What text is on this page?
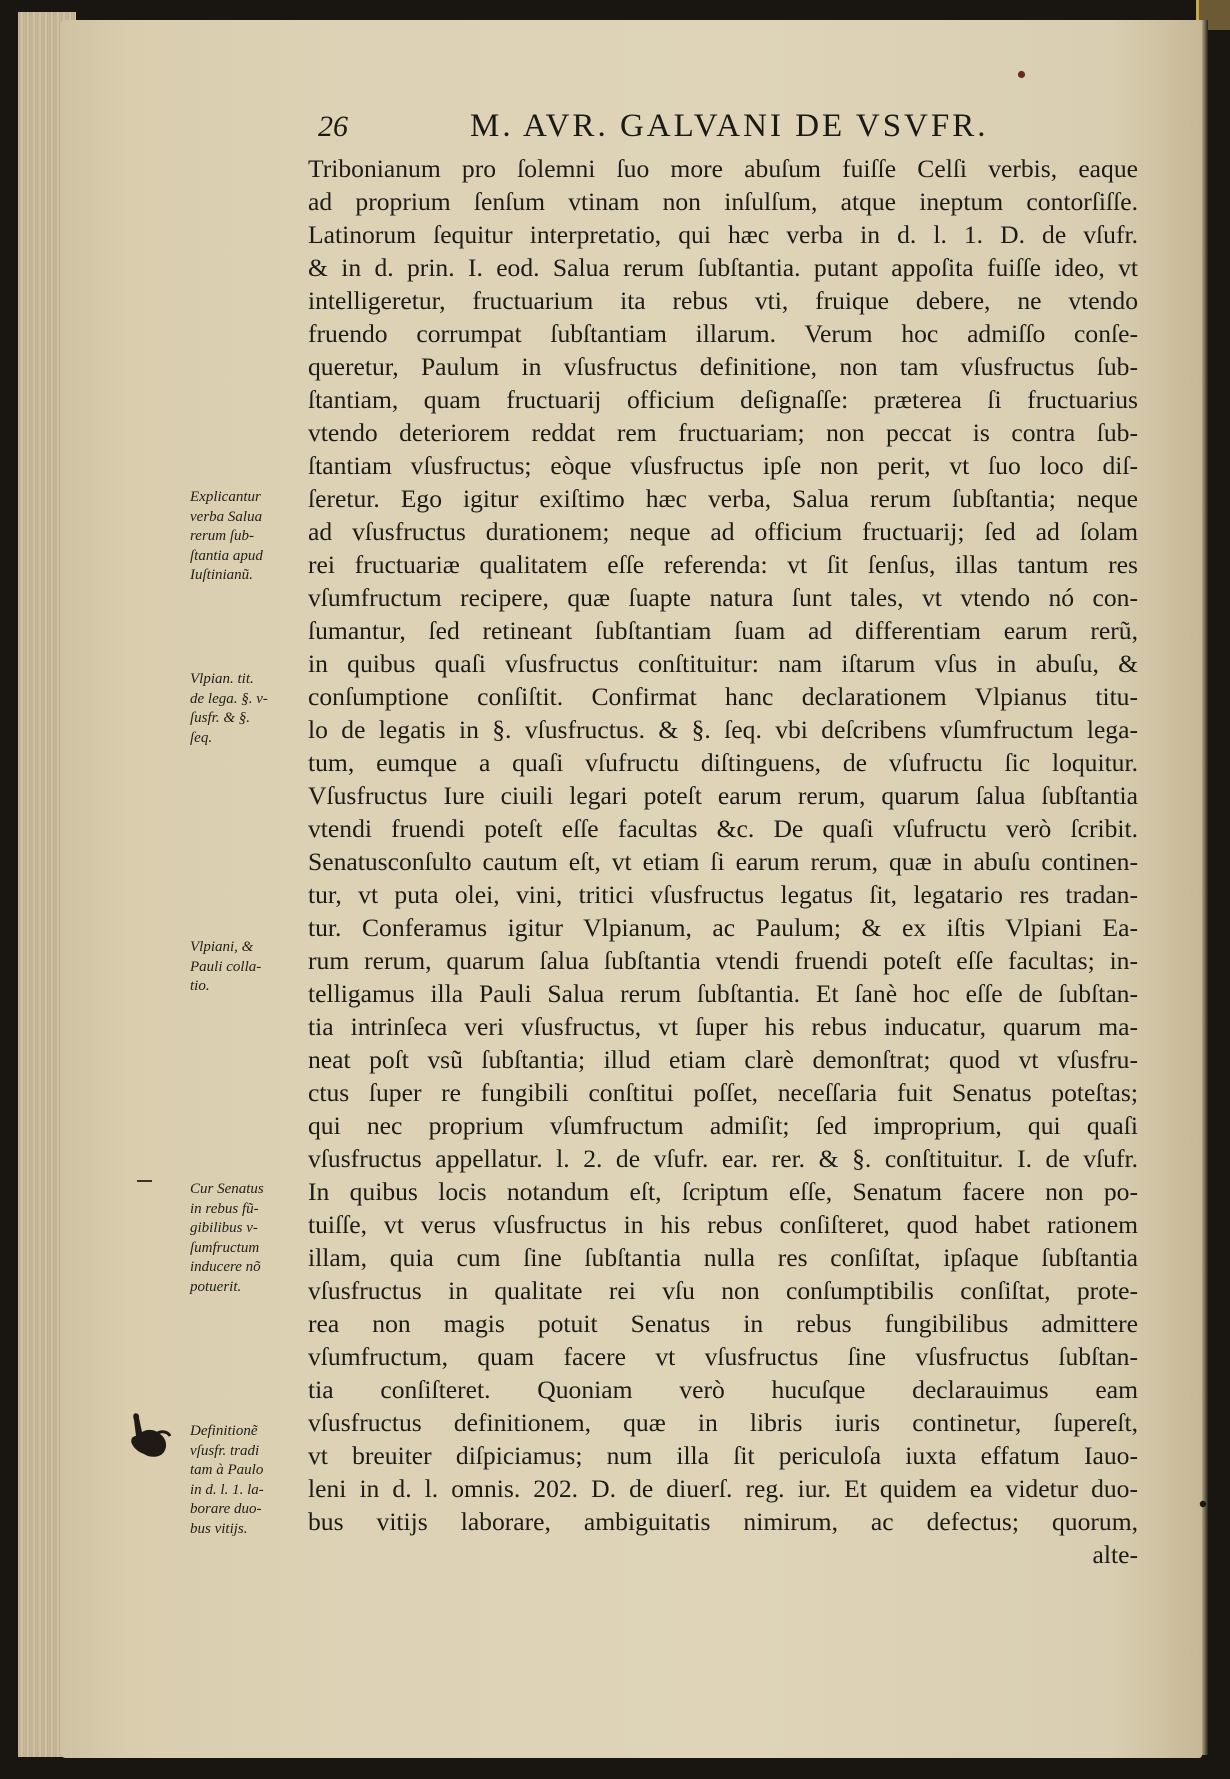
26	M. AVR. GALVANI DE VSVFR.
Tribonianum pro ſolemni ſuo more abuſum fuiſſe Celſi verbis, eaque
ad proprium ſenſum vtinam non inſulſum, atque ineptum contorſiſſe.
Latinorum ſequitur interpretatio, qui hæc verba in d. l. 1. D. de vſufr.
& in d. prin. I. eod. Salua rerum ſubſtantia. putant appoſita fuiſſe ideo, vt
intelligeretur, fructuarium ita rebus vti, fruique debere, ne vtendo
fruendo corrumpat ſubſtantiam illarum. Verum hoc admiſſo conſe-
queretur, Paulum in vſusfructus definitione, non tam vſusfructus ſub-
ſtantiam, quam fructuarij officium deſignaſſe: præterea ſi fructuarius
vtendo deteriorem reddat rem fructuariam; non peccat is contra ſub-
ſtantiam vſusfructus; eòque vſusfructus ipſe non perit, vt ſuo loco diſ-
ſeretur. Ego igitur exiſtimo hæc verba, Salua rerum ſubſtantia; neque
ad vſusfructus durationem; neque ad officium fructuarij; ſed ad ſolam
rei fructuariæ qualitatem eſſe referenda: vt ſit ſenſus, illas tantum res
vſumfructum recipere, quæ ſuapte natura ſunt tales, vt vtendo nó con-
ſumantur, ſed retineant ſubſtantiam ſuam ad differentiam earum rerũ,
in quibus quaſi vſusfructus conſtituitur: nam iſtarum vſus in abuſu, &
conſumptione conſiſtit. Confirmat hanc declarationem Vlpianus titu-
lo de legatis in §. vſusfructus. & §. ſeq. vbi deſcribens vſumfructum lega-
tum, eumque a quaſi vſufructu diſtinguens, de vſufructu ſic loquitur.
Vſusfructus Iure ciuili legari poteſt earum rerum, quarum ſalua ſubſtantia
vtendi fruendi poteſt eſſe facultas &c. De quaſi vſufructu verò ſcribit.
Senatusconſulto cautum eſt, vt etiam ſi earum rerum, quæ in abuſu continen-
tur, vt puta olei, vini, tritici vſusfructus legatus ſit, legatario res tradan-
tur. Conferamus igitur Vlpianum, ac Paulum; & ex iſtis Vlpiani Ea-
rum rerum, quarum ſalua ſubſtantia vtendi fruendi poteſt eſſe facultas; in-
telligamus illa Pauli Salua rerum ſubſtantia. Et ſanè hoc eſſe de ſubſtan-
tia intrinſeca veri vſusfructus, vt ſuper his rebus inducatur, quarum ma-
neat poſt vsũ ſubſtantia; illud etiam clarè demonſtrat; quod vt vſusfru-
ctus ſuper re fungibili conſtitui poſſet, neceſſaria fuit Senatus poteſtas;
qui nec proprium vſumfructum admiſit; ſed improprium, qui quaſi
vſusfructus appellatur. l. 2. de vſufr. ear. rer. & §. conſtituitur. I. de vſufr.
In quibus locis notandum eſt, ſcriptum eſſe, Senatum facere non po-
tuiſſe, vt verus vſusfructus in his rebus conſiſteret, quod habet rationem
illam, quia cum ſine ſubſtantia nulla res conſiſtat, ipſaque ſubſtantia
vſusfructus in qualitate rei vſu non conſumptibilis conſiſtat, prote-
rea non magis potuit Senatus in rebus fungibilibus admittere
vſumfructum, quam facere vt vſusfructus ſine vſusfructus ſubſtan-
tia conſiſteret. Quoniam verò hucuſque declarauimus eam
vſusfructus definitionem, quæ in libris iuris continetur, ſupereſt,
vt breuiter diſpiciamus; num illa ſit periculoſa iuxta effatum Iauo-
leni in d. l. omnis. 202. D. de diuerſ. reg. iur. Et quidem ea videtur duo-
bus vitijs laborare, ambiguitatis nimirum, ac defectus; quorum,
alte-
Explicantur
verba Salua
rerum ſub-
ſtantia apud
Iuſtinianũ.
Vlpian. tit.
de lega. §. v-
ſusfr. & §.
ſeq.
Vlpiani, &
Pauli colla-
tio.
Cur Senatus
in rebus fũ-
gibilibus v-
ſumfructum
inducere nõ
potuerit.
Definitionẽ
vſusfr. tradi
tam à Paulo
in d. l. 1. la-
borare duo-
bus vitijs.
